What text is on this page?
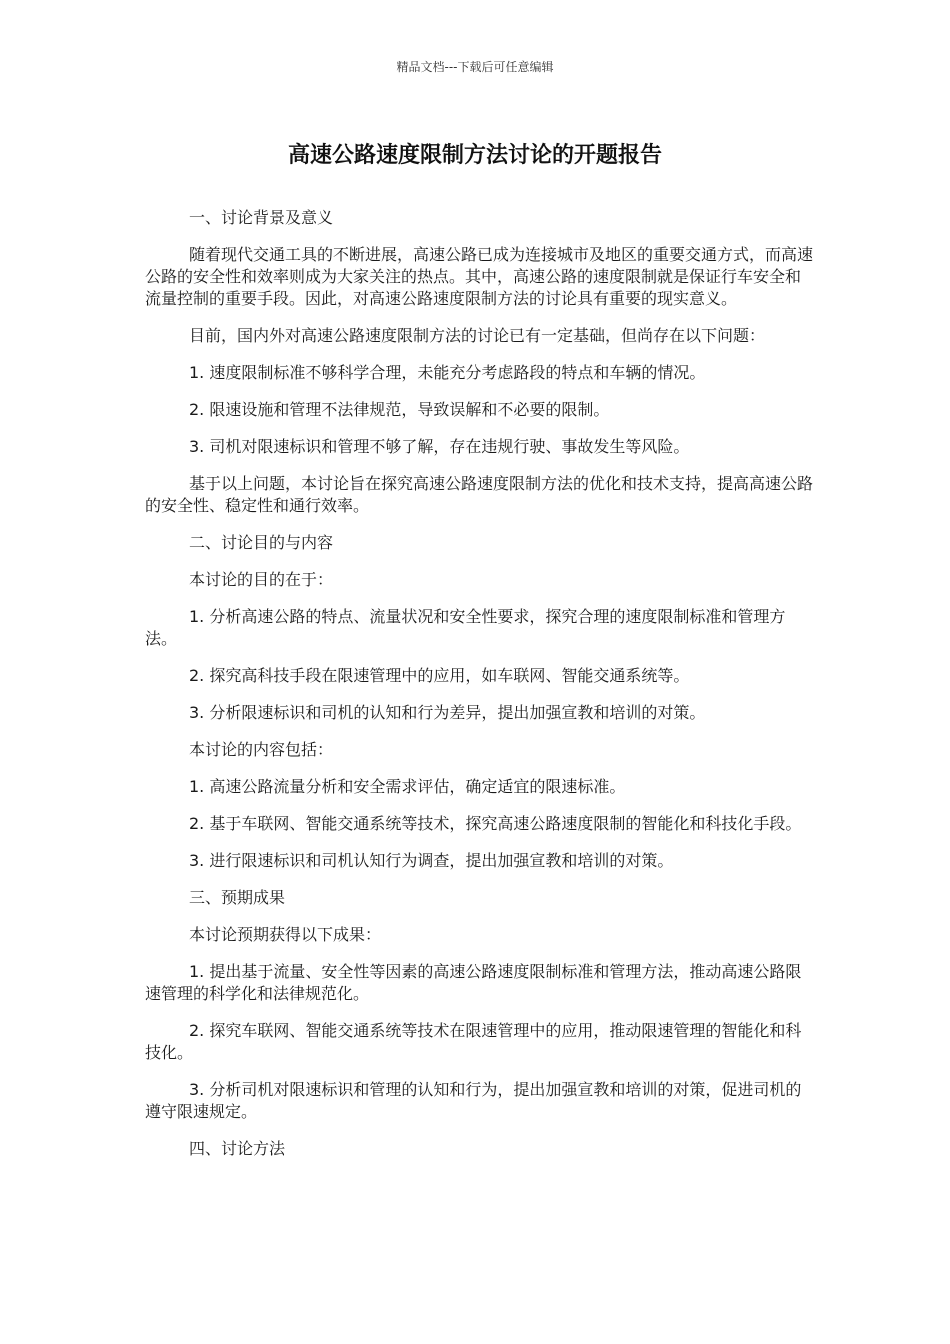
精品文档---下载后可任意编辑
高速公路速度限制方法讨论的开题报告

一、讨论背景及意义

随着现代交通工具的不断进展，高速公路已成为连接城市及地区的重要交通方式，而高速公路的安全性和效率则成为大家关注的热点。其中，高速公路的速度限制就是保证行车安全和流量控制的重要手段。因此，对高速公路速度限制方法的讨论具有重要的现实意义。

目前，国内外对高速公路速度限制方法的讨论已有一定基础，但尚存在以下问题：

1. 速度限制标准不够科学合理，未能充分考虑路段的特点和车辆的情况。

2. 限速设施和管理不法律规范，导致误解和不必要的限制。

3. 司机对限速标识和管理不够了解，存在违规行驶、事故发生等风险。

基于以上问题，本讨论旨在探究高速公路速度限制方法的优化和技术支持，提高高速公路的安全性、稳定性和通行效率。

二、讨论目的与内容

本讨论的目的在于：

1. 分析高速公路的特点、流量状况和安全性要求，探究合理的速度限制标准和管理方法。

2. 探究高科技手段在限速管理中的应用，如车联网、智能交通系统等。

3. 分析限速标识和司机的认知和行为差异，提出加强宣教和培训的对策。

本讨论的内容包括：

1. 高速公路流量分析和安全需求评估，确定适宜的限速标准。

2. 基于车联网、智能交通系统等技术，探究高速公路速度限制的智能化和科技化手段。

3. 进行限速标识和司机认知行为调查，提出加强宣教和培训的对策。

三、预期成果

本讨论预期获得以下成果：

1. 提出基于流量、安全性等因素的高速公路速度限制标准和管理方法，推动高速公路限速管理的科学化和法律规范化。

2. 探究车联网、智能交通系统等技术在限速管理中的应用，推动限速管理的智能化和科技化。

3. 分析司机对限速标识和管理的认知和行为，提出加强宣教和培训的对策，促进司机的遵守限速规定。

四、讨论方法
